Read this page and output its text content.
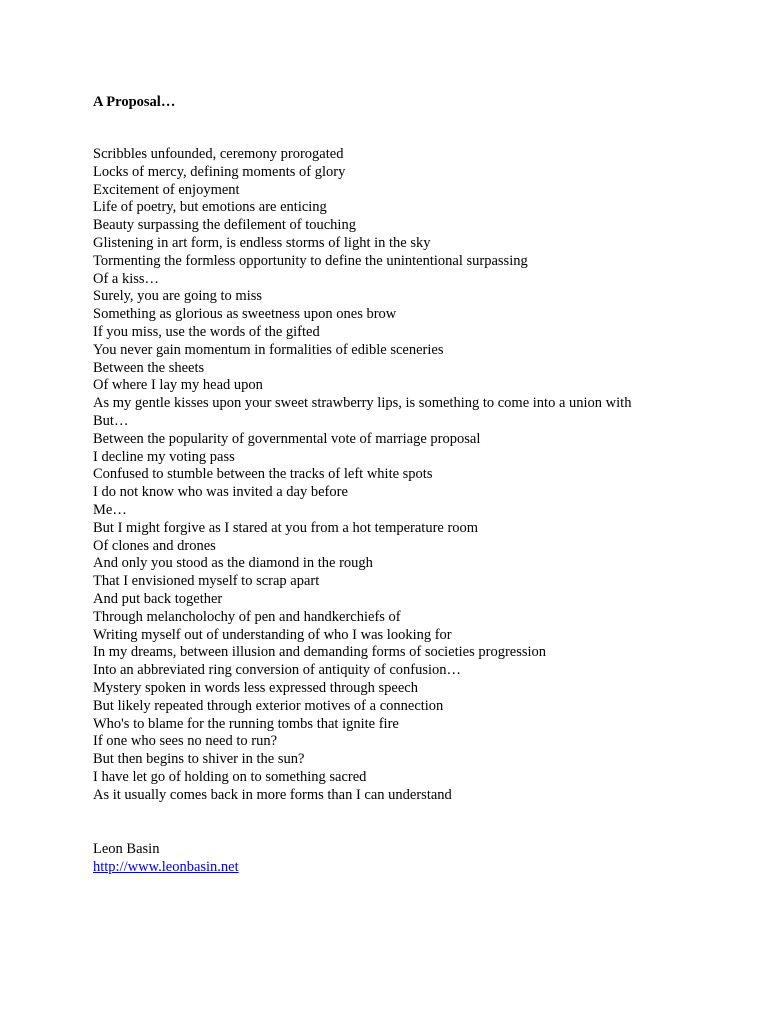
A Proposal…
Scribbles unfounded, ceremony prorogated
Locks of mercy, defining moments of glory
Excitement of enjoyment
Life of poetry, but emotions are enticing
Beauty surpassing the defilement of touching
Glistening in art form, is endless storms of light in the sky
Tormenting the formless opportunity to define the unintentional surpassing
Of a kiss…
Surely, you are going to miss
Something as glorious as sweetness upon ones brow
If you miss, use the words of the gifted
You never gain momentum in formalities of edible sceneries
Between the sheets
Of where I lay my head upon
As my gentle kisses upon your sweet strawberry lips, is something to come into a union with
But…
Between the popularity of governmental vote of marriage proposal
I decline my voting pass
Confused to stumble between the tracks of left white spots
I do not know who was invited a day before
Me…
But I might forgive as I stared at you from a hot temperature room
Of clones and drones
And only you stood as the diamond in the rough
That I envisioned myself to scrap apart
And put back together
Through melancholochy of pen and handkerchiefs of
Writing myself out of understanding of who I was looking for
In my dreams, between illusion and demanding forms of societies progression
Into an abbreviated ring conversion of antiquity of confusion…
Mystery spoken in words less expressed through speech
But likely repeated through exterior motives of a connection
Who's to blame for the running tombs that ignite fire
If one who sees no need to run?
But then begins to shiver in the sun?
I have let go of holding on to something sacred
As it usually comes back in more forms than I can understand
Leon Basin
http://www.leonbasin.net
